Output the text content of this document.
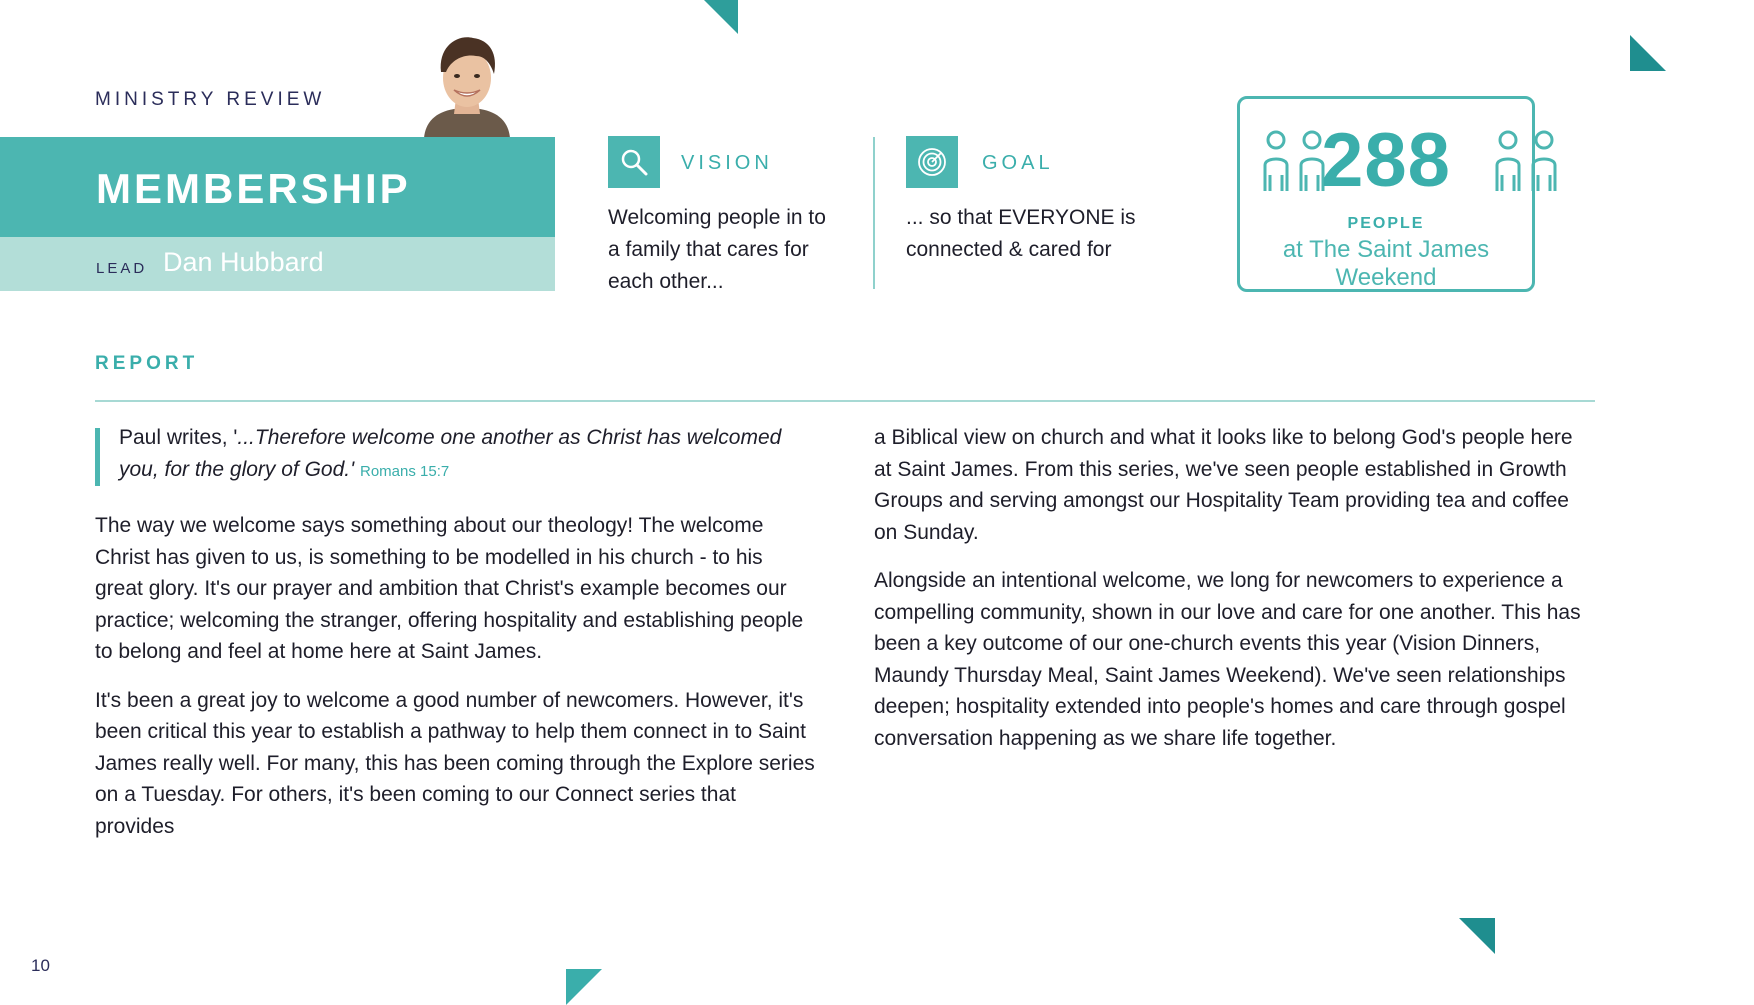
MINISTRY REVIEW
MEMBERSHIP
LEAD Dan Hubbard
VISION
Welcoming people in to
a family that cares for
each other...
GOAL
... so that EVERYONE is
connected & cared for
288
PEOPLE
at The Saint James Weekend
REPORT
Paul writes, '...Therefore welcome one another as Christ has welcomed you, for the glory of God.' Romans 15:7

The way we welcome says something about our theology! The welcome Christ has given to us, is something to be modelled in his church - to his great glory. It's our prayer and ambition that Christ's example becomes our practice; welcoming the stranger, offering hospitality and establishing people to belong and feel at home here at Saint James.

It's been a great joy to welcome a good number of newcomers. However, it's been critical this year to establish a pathway to help them connect in to Saint James really well. For many, this has been coming through the Explore series on a Tuesday. For others, it's been coming to our Connect series that provides

a Biblical view on church and what it looks like to belong God's people here at Saint James. From this series, we've seen people established in Growth Groups and serving amongst our Hospitality Team providing tea and coffee on Sunday.

Alongside an intentional welcome, we long for newcomers to experience a compelling community, shown in our love and care for one another. This has been a key outcome of our one-church events this year (Vision Dinners, Maundy Thursday Meal, Saint James Weekend). We've seen relationships deepen; hospitality extended into people's homes and care through gospel conversation happening as we share life together.

10
